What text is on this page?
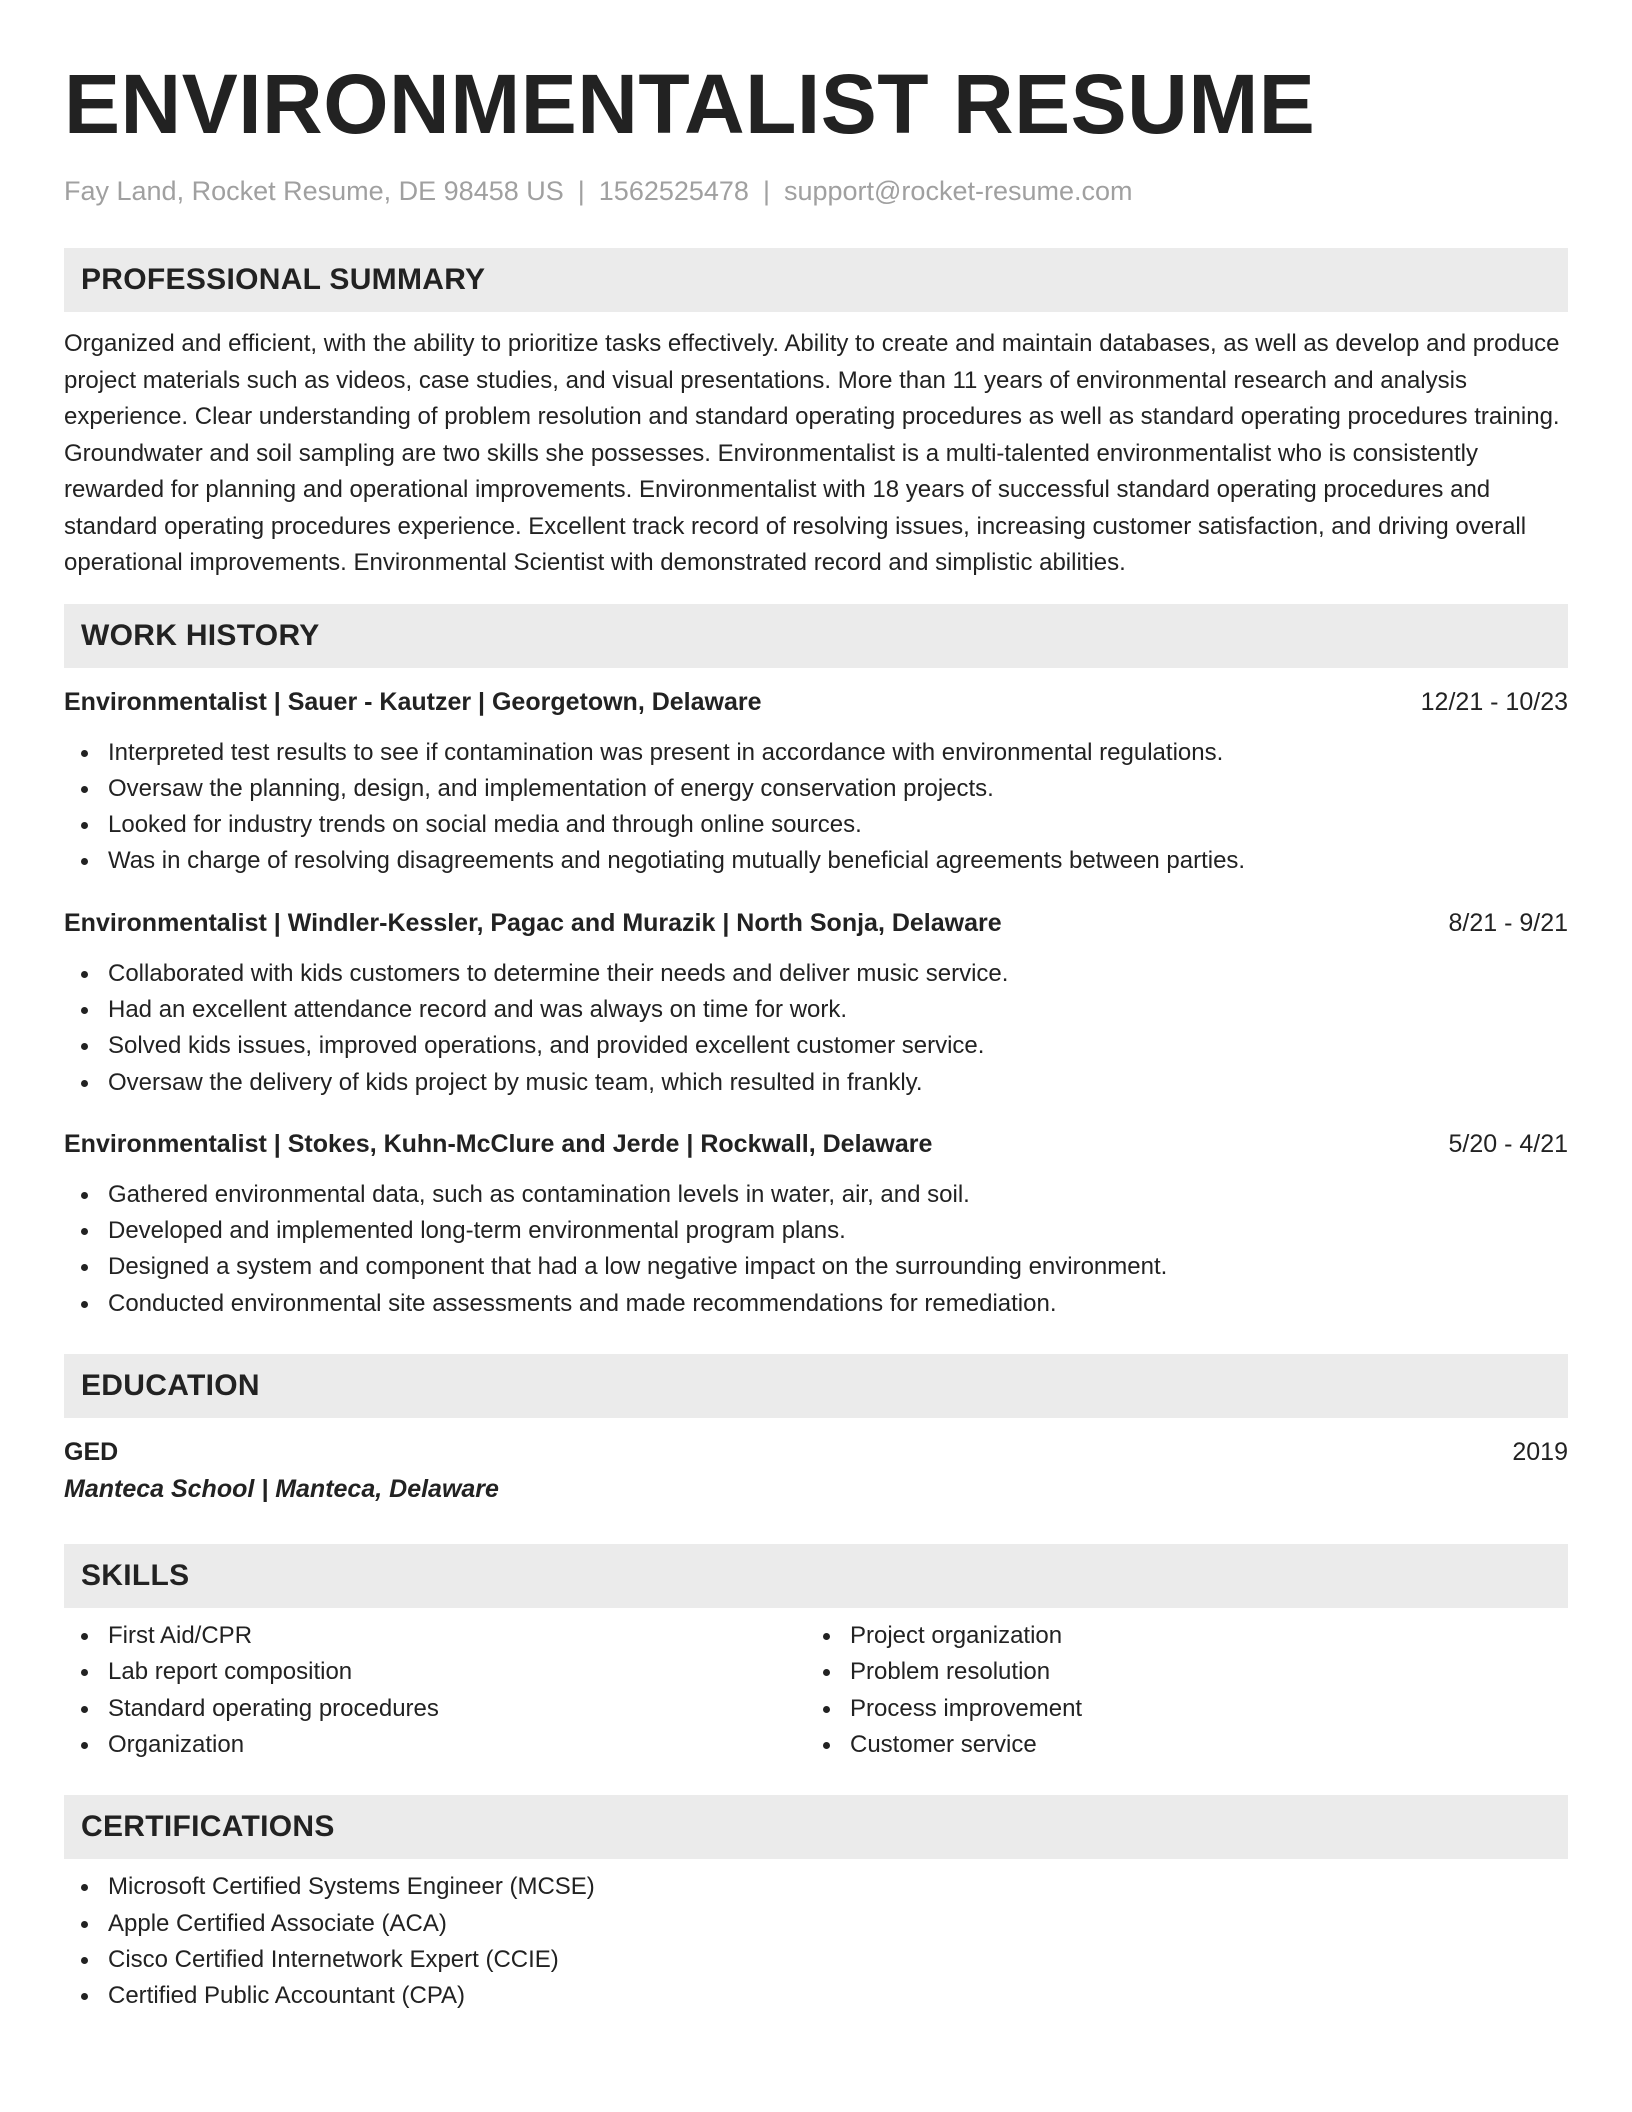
ENVIRONMENTALIST RESUME
Fay Land, Rocket Resume, DE 98458 US | 1562525478 | support@rocket-resume.com
PROFESSIONAL SUMMARY
Organized and efficient, with the ability to prioritize tasks effectively. Ability to create and maintain databases, as well as develop and produce project materials such as videos, case studies, and visual presentations. More than 11 years of environmental research and analysis experience. Clear understanding of problem resolution and standard operating procedures as well as standard operating procedures training. Groundwater and soil sampling are two skills she possesses. Environmentalist is a multi-talented environmentalist who is consistently rewarded for planning and operational improvements. Environmentalist with 18 years of successful standard operating procedures and standard operating procedures experience. Excellent track record of resolving issues, increasing customer satisfaction, and driving overall operational improvements. Environmental Scientist with demonstrated record and simplistic abilities.
WORK HISTORY
Environmentalist | Sauer - Kautzer | Georgetown, Delaware	12/21 - 10/23
Interpreted test results to see if contamination was present in accordance with environmental regulations.
Oversaw the planning, design, and implementation of energy conservation projects.
Looked for industry trends on social media and through online sources.
Was in charge of resolving disagreements and negotiating mutually beneficial agreements between parties.
Environmentalist | Windler-Kessler, Pagac and Murazik | North Sonja, Delaware	8/21 - 9/21
Collaborated with kids customers to determine their needs and deliver music service.
Had an excellent attendance record and was always on time for work.
Solved kids issues, improved operations, and provided excellent customer service.
Oversaw the delivery of kids project by music team, which resulted in frankly.
Environmentalist | Stokes, Kuhn-McClure and Jerde | Rockwall, Delaware	5/20 - 4/21
Gathered environmental data, such as contamination levels in water, air, and soil.
Developed and implemented long-term environmental program plans.
Designed a system and component that had a low negative impact on the surrounding environment.
Conducted environmental site assessments and made recommendations for remediation.
EDUCATION
GED	2019
Manteca School | Manteca, Delaware
SKILLS
First Aid/CPR
Lab report composition
Standard operating procedures
Organization
Project organization
Problem resolution
Process improvement
Customer service
CERTIFICATIONS
Microsoft Certified Systems Engineer (MCSE)
Apple Certified Associate (ACA)
Cisco Certified Internetwork Expert (CCIE)
Certified Public Accountant (CPA)
